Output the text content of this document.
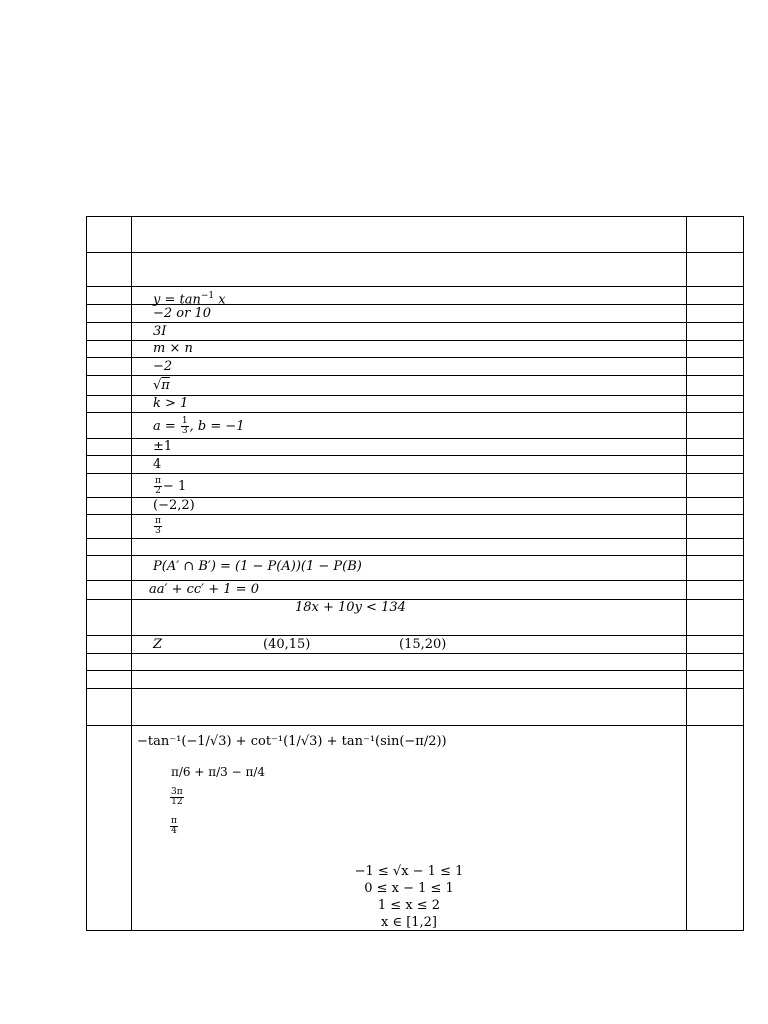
$y = \tan^{-1} x$
−2 or 10
3I
m × n
−2
√π
k > 1
$a = \frac{1}{3}$ , b = −1
±1
4
$\frac{\pi}{2} - 1$
(−2,2)
$\frac{\pi}{3}$
P(A′ ∩ B′) = (1 − P(A))(1 − P(B)
aa′ + cc′ + 1 = 0
18x + 10y < 134
Z	(40,15)	(15,20)
−tan⁻¹(−1/√3) + cot⁻¹(1/√3) + tan⁻¹(sin(−π/2))
π/6 + π/3 − π/4
$\frac{3\pi}{12}$
$\frac{\pi}{4}$
−1 ≤ √x − 1 ≤ 1
0 ≤ x − 1 ≤ 1
1 ≤ x ≤ 2
x ∈ [1,2]
